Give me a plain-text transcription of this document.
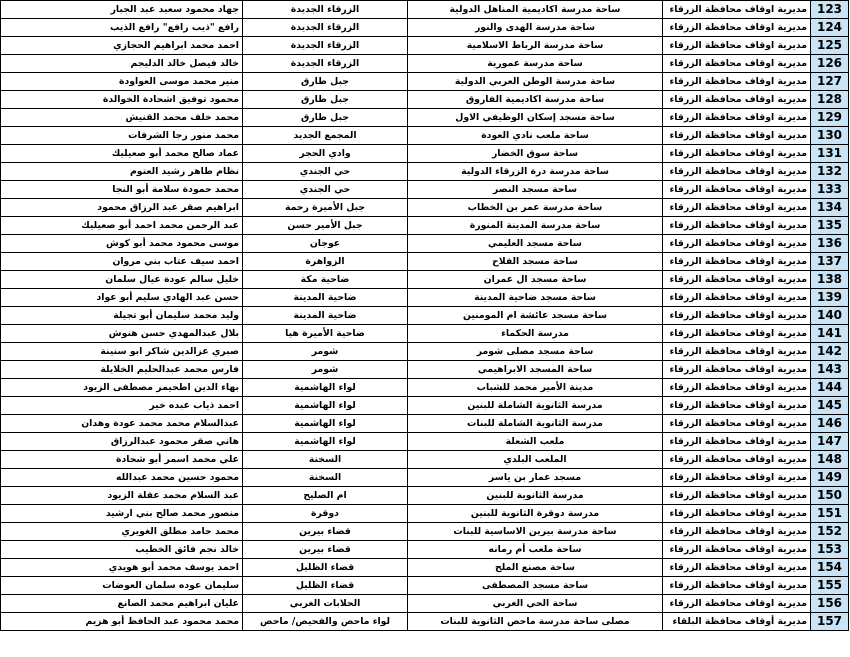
123	مديرية اوقاف محافظة الزرقاء	ساحة مدرسة اكاديمية المناهل الدولية	الزرقاء الجديدة	جهاد محمود سعيد عبد الجبار
124	مديرية اوقاف محافظة الزرقاء	ساحة مدرسة الهدى والنور	الزرقاء الجديدة	رافع "ذيب رافع" رافع الذيب
125	مديرية اوقاف محافظة الزرقاء	ساحة مدرسة الرباط الاسلامية	الزرقاء الجديدة	احمد محمد ابراهيم الحجازي
126	مديرية اوقاف محافظة الزرقاء	ساحة مدرسة عمورية	الزرقاء الجديدة	خالد فيصل خالد الدليجم
127	مديرية اوقاف محافظة الزرقاء	ساحة مدرسة الوطن العربي الدولية	جبل طارق	منير محمد موسى العواودة
128	مديرية اوقاف محافظة الزرقاء	ساحة مدرسة اكاديمية الفاروق	جبل طارق	محمود توفيق اشحادة الخوالدة
129	مديرية اوقاف محافظة الزرقاء	ساحة مسجد إسكان الوظيفي الاول	جبل طارق	محمد خلف محمد القنيش
130	مديرية اوقاف محافظة الزرقاء	ساحة ملعب نادي العودة	المجمع الجديد	محمد منور رجا الشرفات
131	مديرية اوقاف محافظة الزرقاء	ساحة سوق الخضار	وادي الحجر	عماد صالح محمد أبو صعيليك
132	مديرية اوقاف محافظة الزرقاء	ساحة مدرسة درة الزرقاء الدولية	حي الجندي	نظام طاهر رشيد العتوم
133	مديرية اوقاف محافظة الزرقاء	ساحة مسجد النصر	حي الجندي	محمد حمودة سلامة أبو النجا
134	مديرية اوقاف محافظة الزرقاء	ساحة مدرسة عمر بن الخطاب	جبل الأميرة رحمة	ابراهيم صقر عبد الرزاق محمود
135	مديرية اوقاف محافظة الزرقاء	ساحة مدرسة المدينة المنورة	جبل الأمير حسن	عبد الرحمن محمد احمد أبو صعيليك
136	مديرية اوقاف محافظة الزرقاء	ساحة مسجد العليمي	عوجان	موسى محمود محمد أبو كوش
137	مديرية اوقاف محافظة الزرقاء	ساحة مسجد الفلاح	الزواهرة	احمد سيف عتاب بني مروان
138	مديرية اوقاف محافظة الزرقاء	ساحة مسجد ال عمران	ضاحية مكة	خليل سالم عودة عيال سلمان
139	مديرية اوقاف محافظة الزرقاء	ساحة مسجد ضاحية المدينة	ضاحية المدينة	حسن عبد الهادي سليم أبو عواد
140	مديرية اوقاف محافظة الزرقاء	ساحة مسجد عائشة ام المومنين	ضاحية المدينة	وليد محمد سليمان أبو تجيلة
141	مديرية اوقاف محافظة الزرقاء	مدرسة الحكماء	ضاحية الأميرة هيا	بلال عبدالمهدي حسن هنوش
142	مديرية اوقاف محافظة الزرقاء	ساحة مسجد مصلى شومر	شومر	صبري عزالدين شاكر ابو سنينة
143	مديرية اوقاف محافظة الزرقاء	ساحة المسجد الابراهيمي	شومر	فارس محمد عبدالحليم الخلايلة
144	مديرية اوقاف محافظة الزرقاء	مدينة الأمير محمد للشباب	لواء الهاشمية	بهاء الدين اطحيمر مصطفى الزيود
145	مديرية اوقاف محافظة الزرقاء	مدرسة الثانوية الشاملة للبنين	لواء الهاشمية	احمد ذياب عبده خير
146	مديرية اوقاف محافظة الزرقاء	مدرسة الثانوية الشاملة للبنات	لواء الهاشمية	عبدالسلام محمد محمد عودة وهدان
147	مديرية اوقاف محافظة الزرقاء	ملعب الشعلة	لواء الهاشمية	هاني صقر محمود عبدالرزاق
148	مديرية اوقاف محافظة الزرقاء	الملعب البلدي	السخنة	علي محمد اسمر أبو شحادة
149	مديرية اوقاف محافظة الزرقاء	مسجد عمار بن ياسر	السخنة	محمود حسين محمد عبدالله
150	مديرية اوقاف محافظة الزرقاء	مدرسة الثانوية للبنين	ام الصليح	عبد السلام محمد عقلة الزيود
151	مديرية اوقاف محافظة الزرقاء	مدرسة دوقرة الثانوية للبنين	دوقرة	منصور محمد صالح بني ارشيد
152	مديرية اوقاف محافظة الزرقاء	ساحة مدرسة بيرين الاساسية للبنات	قضاء بيرين	محمد حامد مطلق الغويري
153	مديرية اوقاف محافظة الزرقاء	ساحة ملعب أم رمانه	قضاء بيرين	خالد نجم فائق الخطيب
154	مديرية اوقاف محافظة الزرقاء	ساحة مصنع الملح	قضاء الظليل	احمد يوسف محمد أبو هويدي
155	مديرية اوقاف محافظة الزرقاء	ساحة مسجد المصطفى	قضاء الظليل	سليمان عوده سلمان العوضات
156	مديرية اوقاف محافظة الزرقاء	ساحة الحي الغربي	الحلابات الغربي	عليان ابراهيم محمد الصانع
157	مديرية أوقاف محافظة البلقاء	مصلى ساحة مدرسة ماحص الثانوية للبنات	لواء ماحص والفحيص/ ماحص	محمد محمود عبد الحافظ أبو هزيم
